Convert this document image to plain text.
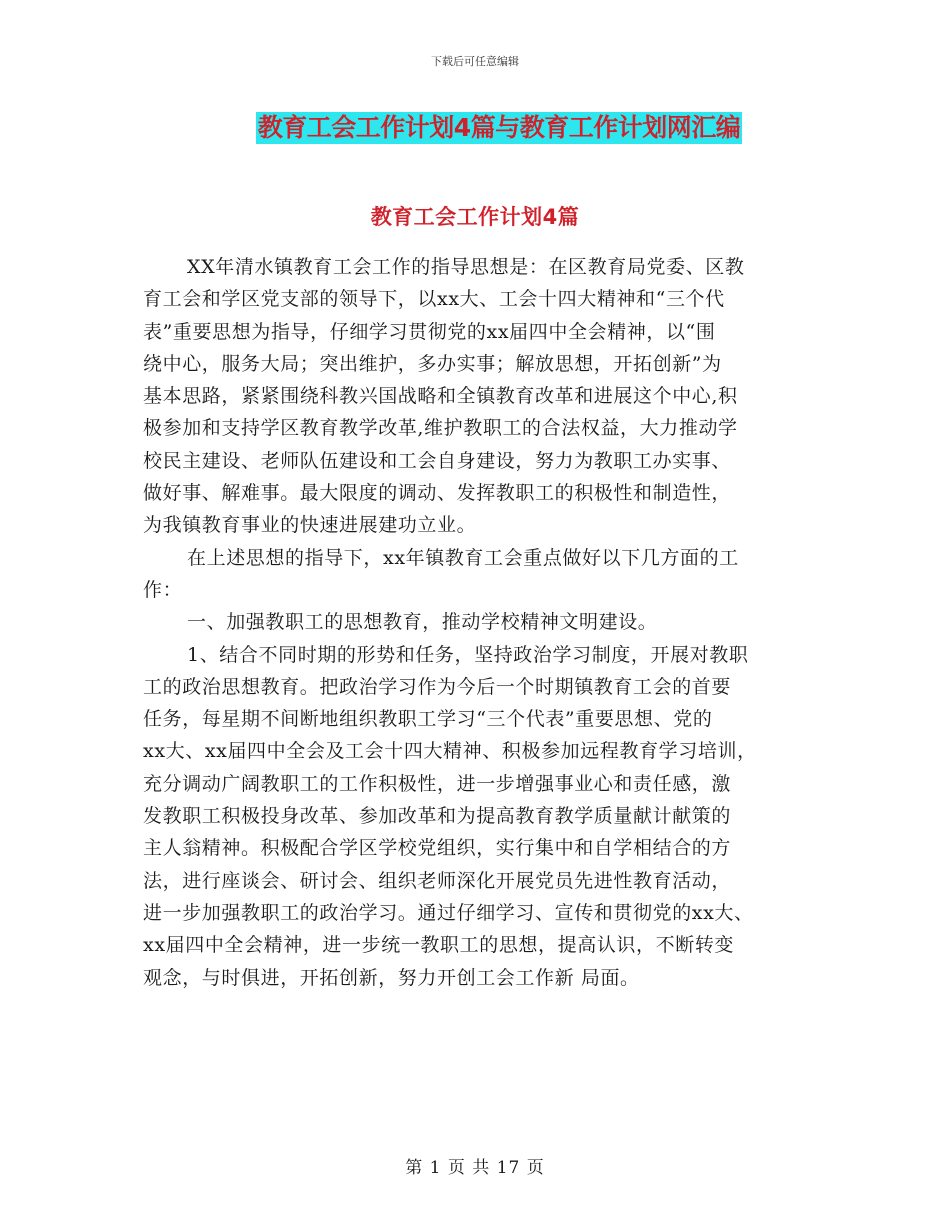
下载后可任意编辑
教育工会工作计划4篇与教育工作计划网汇编
教育工会工作计划4篇
XX年清水镇教育工会工作的指导思想是：在区教育局党委、区教
育工会和学区党支部的领导下，以xx大、工会十四大精神和“三个代
表”重要思想为指导，仔细学习贯彻党的xx届四中全会精神，以“围
绕中心，服务大局；突出维护，多办实事；解放思想，开拓创新”为
基本思路，紧紧围绕科教兴国战略和全镇教育改革和进展这个中心,积
极参加和支持学区教育教学改革,维护教职工的合法权益，大力推动学
校民主建设、老师队伍建设和工会自身建设，努力为教职工办实事、
做好事、解难事。最大限度的调动、发挥教职工的积极性和制造性，
为我镇教育事业的快速进展建功立业。
在上述思想的指导下，xx年镇教育工会重点做好以下几方面的工
作：
一、加强教职工的思想教育，推动学校精神文明建设。
1、结合不同时期的形势和任务，坚持政治学习制度，开展对教职
工的政治思想教育。把政治学习作为今后一个时期镇教育工会的首要
任务，每星期不间断地组织教职工学习“三个代表”重要思想、党的
xx大、xx届四中全会及工会十四大精神、积极参加远程教育学习培训，
充分调动广阔教职工的工作积极性，进一步增强事业心和责任感，激
发教职工积极投身改革、参加改革和为提高教育教学质量献计献策的
主人翁精神。积极配合学区学校党组织，实行集中和自学相结合的方
法，进行座谈会、研讨会、组织老师深化开展党员先进性教育活动，
进一步加强教职工的政治学习。通过仔细学习、宣传和贯彻党的xx大、
xx届四中全会精神，进一步统一教职工的思想，提高认识，不断转变
观念，与时俱进，开拓创新，努力开创工会工作新 局面。
第 1 页 共 17 页
